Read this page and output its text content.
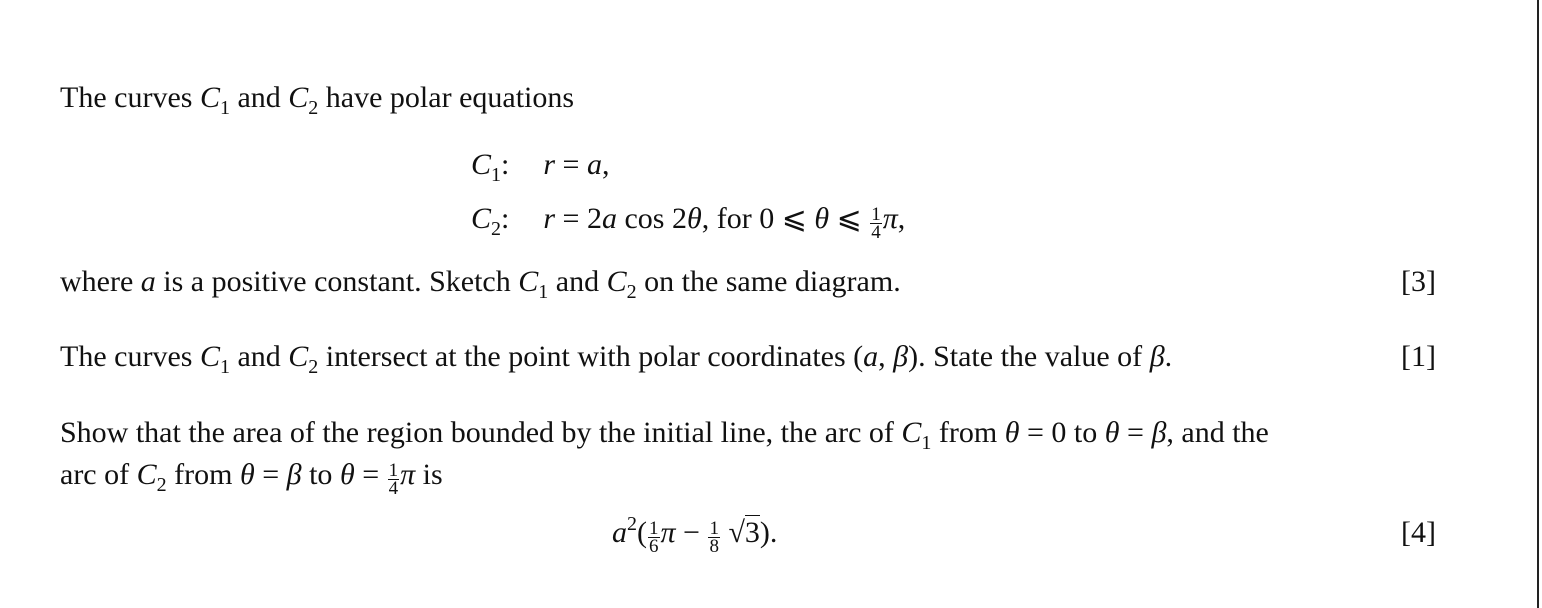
The curves $C_1$ and $C_2$ have polar equations
$C_1$: r = a,
$C_2$: r = 2a cos 2θ, for 0 ⩽ θ ⩽ $\frac{1}{4} \pi$,
where a is a positive constant. Sketch $C_1$ and $C_2$ on the same diagram.	[3]
The curves $C_1$ and $C_2$ intersect at the point with polar coordinates (a, β). State the value of β.	[1]
Show that the area of the region bounded by the initial line, the arc of $C_1$ from θ = 0 to θ = β, and the
arc of $C_2$ from θ = β to $\theta = \frac{1}{4}$ π is
$a^2( \frac{1}{6}$ $\pi - \frac{1}{8} √3$).	[4]
